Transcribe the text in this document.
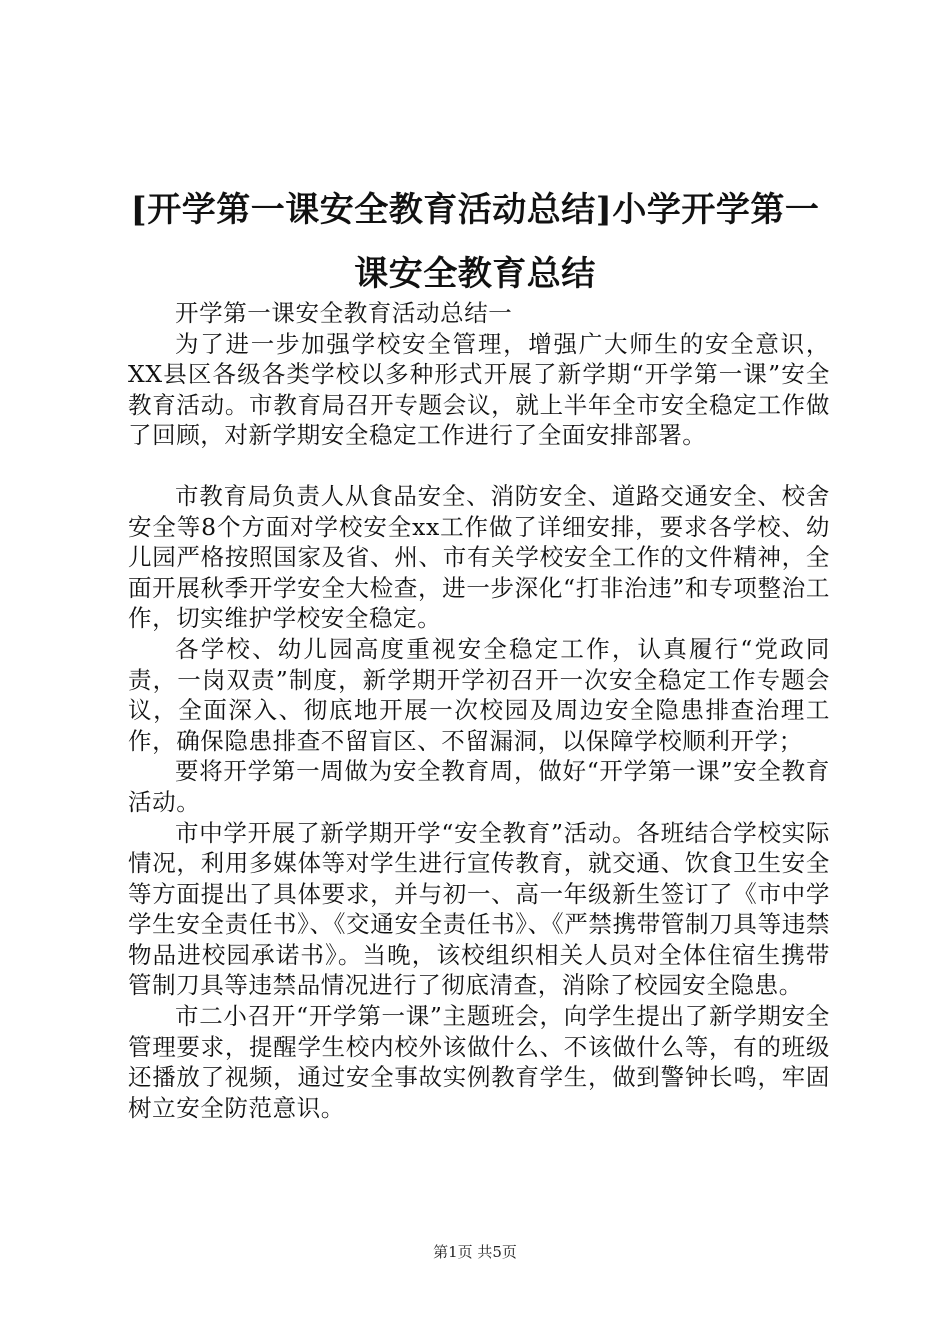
[开学第一课安全教育活动总结]小学开学第一
课安全教育总结

开学第一课安全教育活动总结一

为了进一步加强学校安全管理，增强广大师生的安全意识，XX县区各级各类学校以多种形式开展了新学期“开学第一课”安全教育活动。市教育局召开专题会议，就上半年全市安全稳定工作做了回顾，对新学期安全稳定工作进行了全面安排部署。

市教育局负责人从食品安全、消防安全、道路交通安全、校舍安全等8个方面对学校安全xx工作做了详细安排，要求各学校、幼儿园严格按照国家及省、州、市有关学校安全工作的文件精神，全面开展秋季开学安全大检查，进一步深化“打非治违”和专项整治工作，切实维护学校安全稳定。

各学校、幼儿园高度重视安全稳定工作，认真履行“党政同责，一岗双责”制度，新学期开学初召开一次安全稳定工作专题会议，全面深入、彻底地开展一次校园及周边安全隐患排查治理工作，确保隐患排查不留盲区、不留漏洞，以保障学校顺利开学；

要将开学第一周做为安全教育周，做好“开学第一课”安全教育活动。

市中学开展了新学期开学“安全教育”活动。各班结合学校实际情况，利用多媒体等对学生进行宣传教育，就交通、饮食卫生安全等方面提出了具体要求，并与初一、高一年级新生签订了《市中学学生安全责任书》、《交通安全责任书》、《严禁携带管制刀具等违禁物品进校园承诺书》。当晚，该校组织相关人员对全体住宿生携带管制刀具等违禁品情况进行了彻底清查，消除了校园安全隐患。

市二小召开“开学第一课”主题班会，向学生提出了新学期安全管理要求，提醒学生校内校外该做什么、不该做什么等，有的班级还播放了视频，通过安全事故实例教育学生，做到警钟长鸣，牢固树立安全防范意识。

第1页 共5页
